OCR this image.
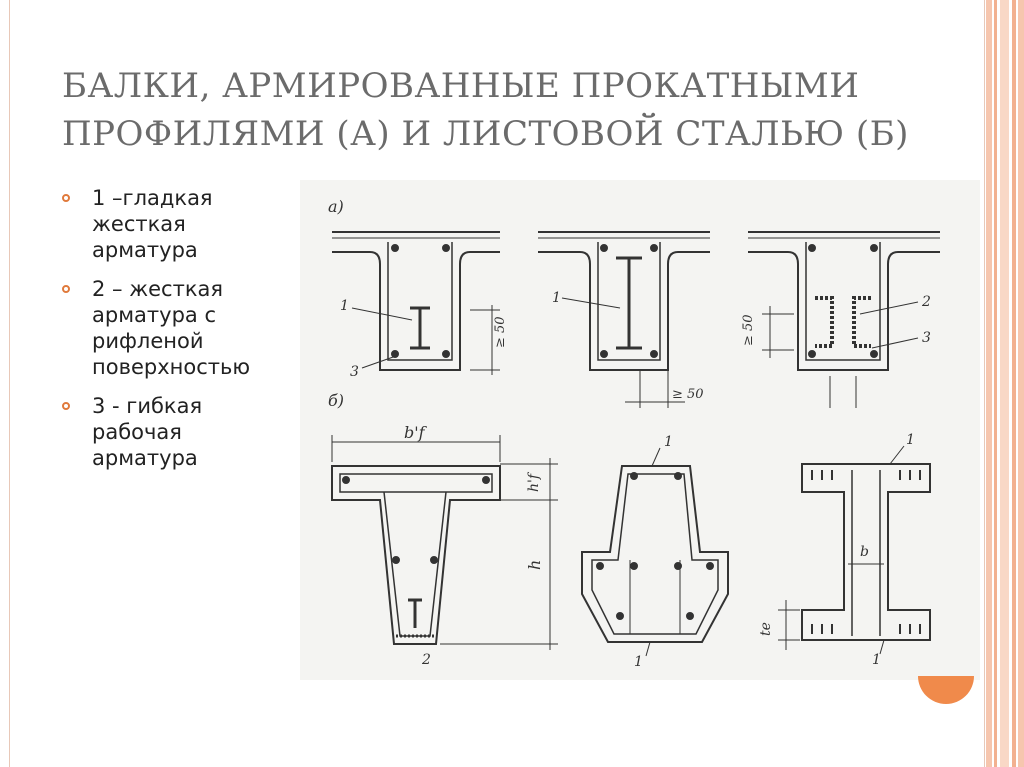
БАЛКИ, АРМИРОВАННЫЕ ПРОКАТНЫМИ ПРОФИЛЯМИ (А) И ЛИСТОВОЙ СТАЛЬЮ (Б)
1 –гладкая жесткая арматура
2 – жесткая арматура с рифленой поверхностью
3 - гибкая рабочая арматура
а)
1
3
≥ 50
1
≥ 50
2
3
≥ 50
б)
b'f
h'f
h
2
1
1
b
1
1
te
